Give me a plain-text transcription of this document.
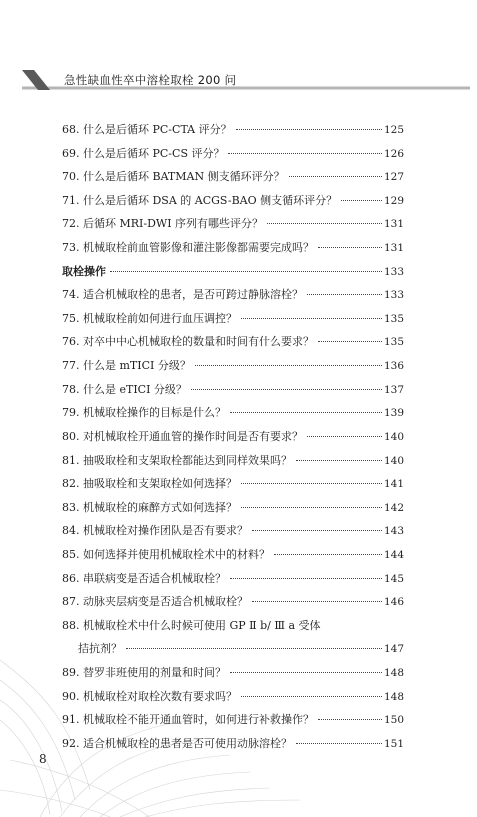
急性缺血性卒中溶栓取栓 200 问
68. 什么是后循环 PC-CTA 评分？	125
69. 什么是后循环 PC-CS 评分？	126
70. 什么是后循环 BATMAN 侧支循环评分？	127
71. 什么是后循环 DSA 的 ACGS-BAO 侧支循环评分？	129
72. 后循环 MRI-DWI 序列有哪些评分？	131
73. 机械取栓前血管影像和灌注影像都需要完成吗？	131
取栓操作	133
74. 适合机械取栓的患者，是否可跨过静脉溶栓？	133
75. 机械取栓前如何进行血压调控？	135
76. 对卒中中心机械取栓的数量和时间有什么要求？	135
77. 什么是 mTICI 分级？	136
78. 什么是 eTICI 分级？	137
79. 机械取栓操作的目标是什么？	139
80. 对机械取栓开通血管的操作时间是否有要求？	140
81. 抽吸取栓和支架取栓都能达到同样效果吗？	140
82. 抽吸取栓和支架取栓如何选择？	141
83. 机械取栓的麻醉方式如何选择？	142
84. 机械取栓对操作团队是否有要求？	143
85. 如何选择并使用机械取栓术中的材料？	144
86. 串联病变是否适合机械取栓？	145
87. 动脉夹层病变是否适合机械取栓？	146
88. 机械取栓术中什么时候可使用 GP Ⅱ b/ Ⅲ a 受体
拮抗剂？	147
89. 替罗非班使用的剂量和时间？	148
90. 机械取栓对取栓次数有要求吗？	148
91. 机械取栓不能开通血管时，如何进行补救操作？	150
92. 适合机械取栓的患者是否可使用动脉溶栓？	151
8
